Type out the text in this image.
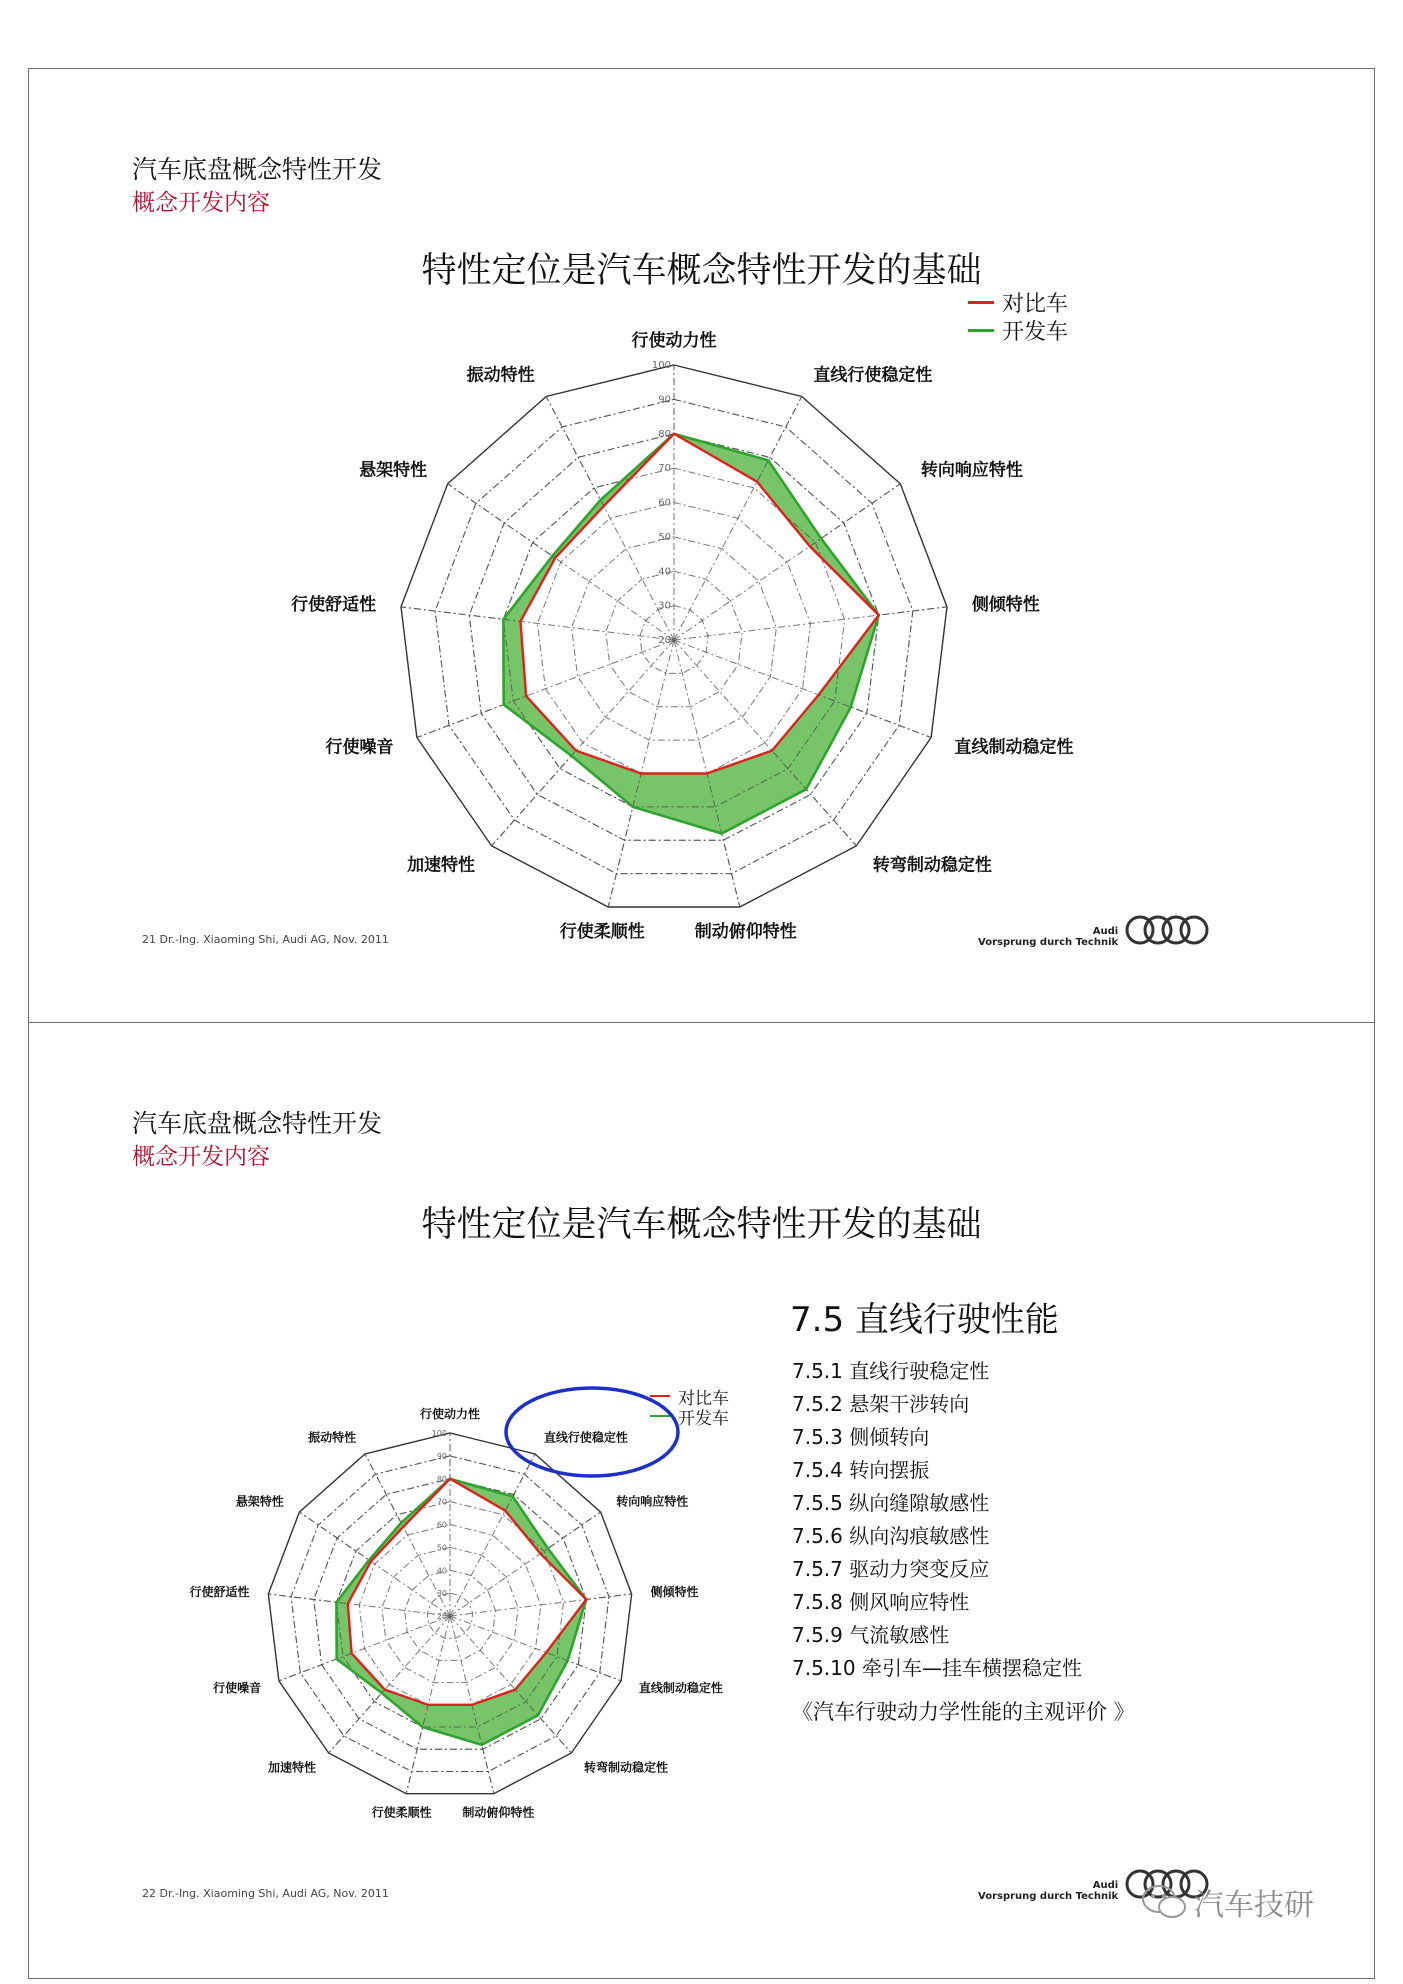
汽车底盘概念特性开发
概念开发内容
特性定位是汽车概念特性开发的基础
对比车
开发车
20
30
40
50
60
70
80
90
100
行使动力性
直线行使稳定性
转向响应特性
侧倾特性
直线制动稳定性
转弯制动稳定性
制动俯仰特性
行使柔顺性
加速特性
行使噪音
行使舒适性
悬架特性
振动特性
21 Dr.-Ing. Xiaoming Shi, Audi AG, Nov. 2011
Audi
Vorsprung durch Technik
汽车底盘概念特性开发
概念开发内容
特性定位是汽车概念特性开发的基础
对比车
开发车
20
30
40
50
60
70
80
90
100
行使动力性
直线行使稳定性
转向响应特性
侧倾特性
直线制动稳定性
转弯制动稳定性
制动俯仰特性
行使柔顺性
加速特性
行使噪音
行使舒适性
悬架特性
振动特性
7.5 直线行驶性能
7.5.1 直线行驶稳定性
7.5.2 悬架干涉转向
7.5.3 侧倾转向
7.5.4 转向摆振
7.5.5 纵向缝隙敏感性
7.5.6 纵向沟痕敏感性
7.5.7 驱动力突变反应
7.5.8 侧风响应特性
7.5.9 气流敏感性
7.5.10 牵引车—挂车横摆稳定性
《汽车行驶动力学性能的主观评价 》
22 Dr.-Ing. Xiaoming Shi, Audi AG, Nov. 2011
Audi
Vorsprung durch Technik	汽车技研
